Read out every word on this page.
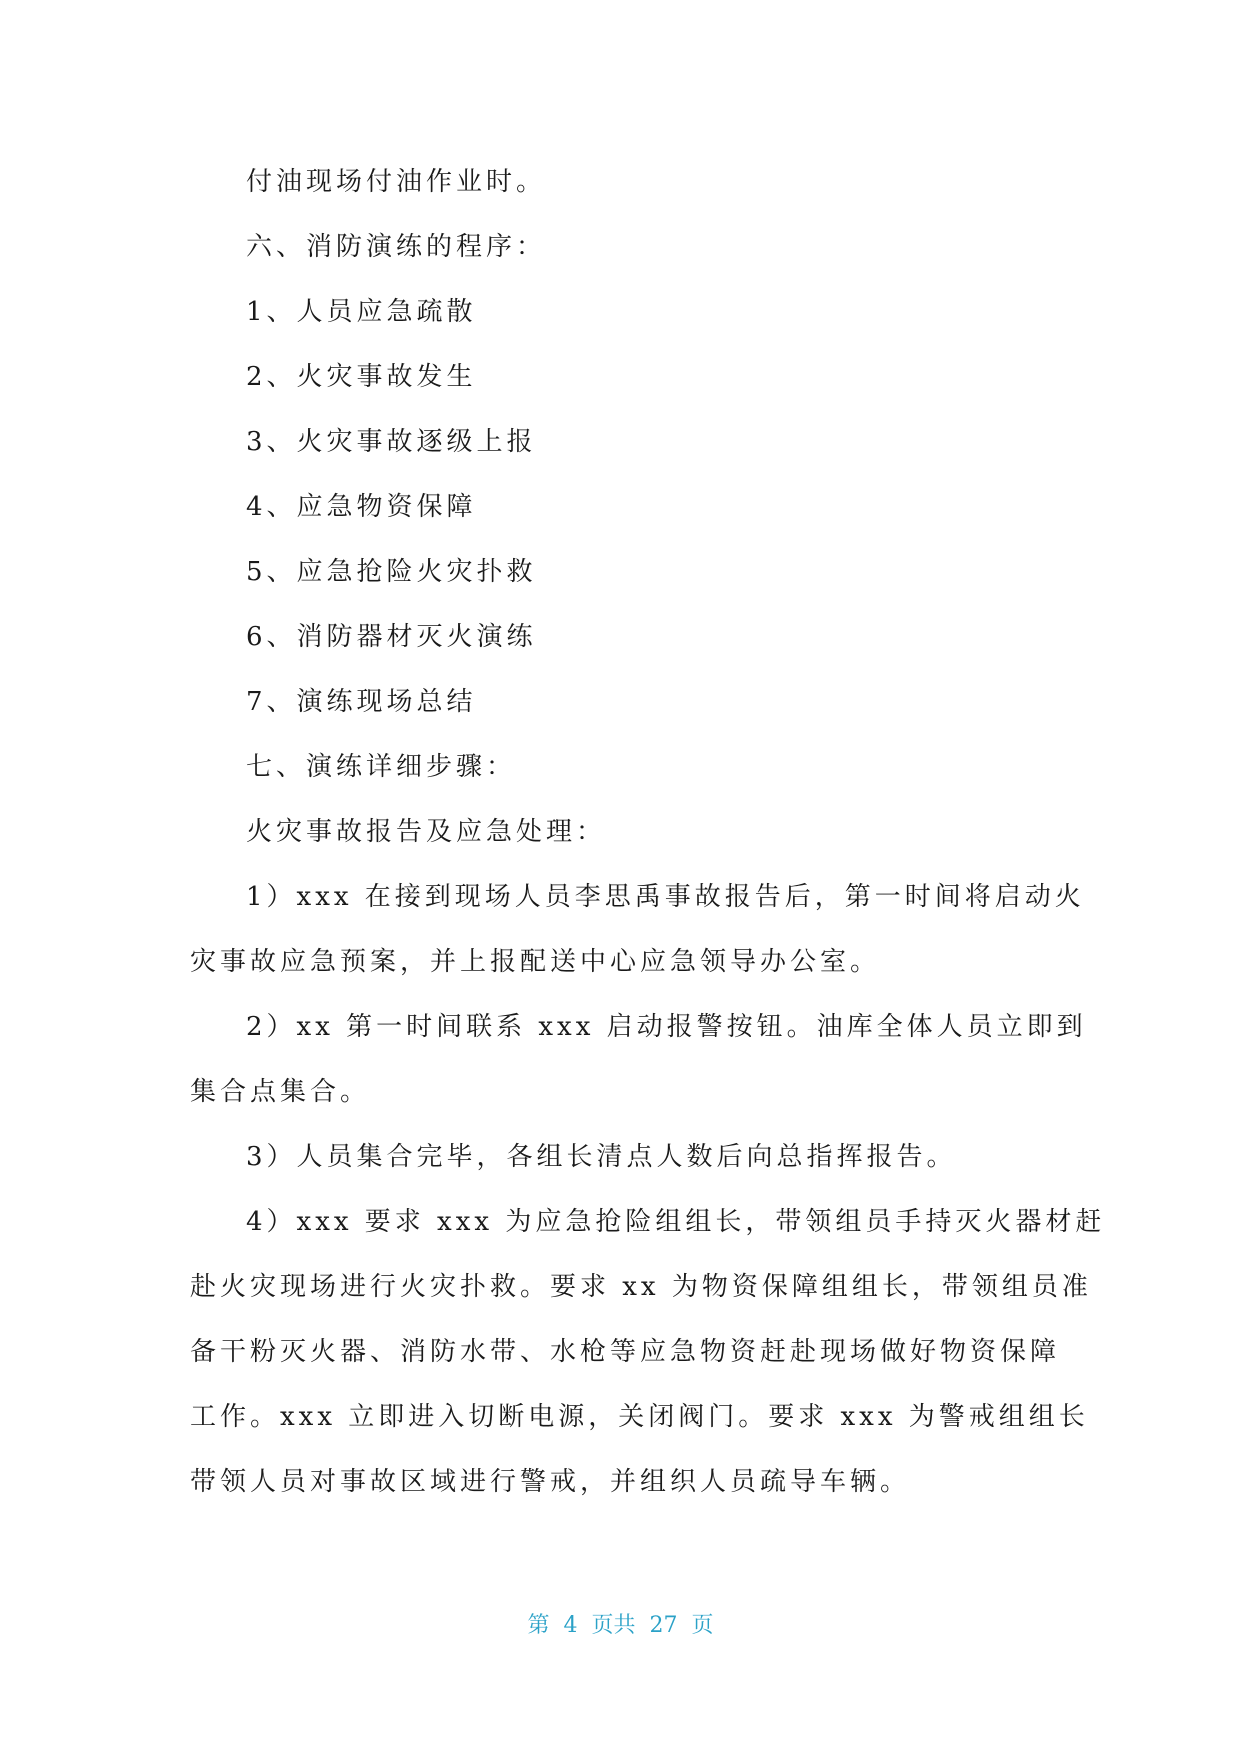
付油现场付油作业时。
六、消防演练的程序：
1、人员应急疏散
2、火灾事故发生
3、火灾事故逐级上报
4、应急物资保障
5、应急抢险火灾扑救
6、消防器材灭火演练
7、演练现场总结
七、演练详细步骤：
火灾事故报告及应急处理：
1）xxx 在接到现场人员李思禹事故报告后，第一时间将启动火
灾事故应急预案，并上报配送中心应急领导办公室。
2）xx 第一时间联系 xxx 启动报警按钮。油库全体人员立即到
集合点集合。
3）人员集合完毕，各组长清点人数后向总指挥报告。
4）xxx 要求 xxx 为应急抢险组组长，带领组员手持灭火器材赶
赴火灾现场进行火灾扑救。要求 xx 为物资保障组组长，带领组员准
备干粉灭火器、消防水带、水枪等应急物资赶赴现场做好物资保障
工作。xxx 立即进入切断电源，关闭阀门。要求 xxx 为警戒组组长
带领人员对事故区域进行警戒，并组织人员疏导车辆。
第  4  页共  27  页
